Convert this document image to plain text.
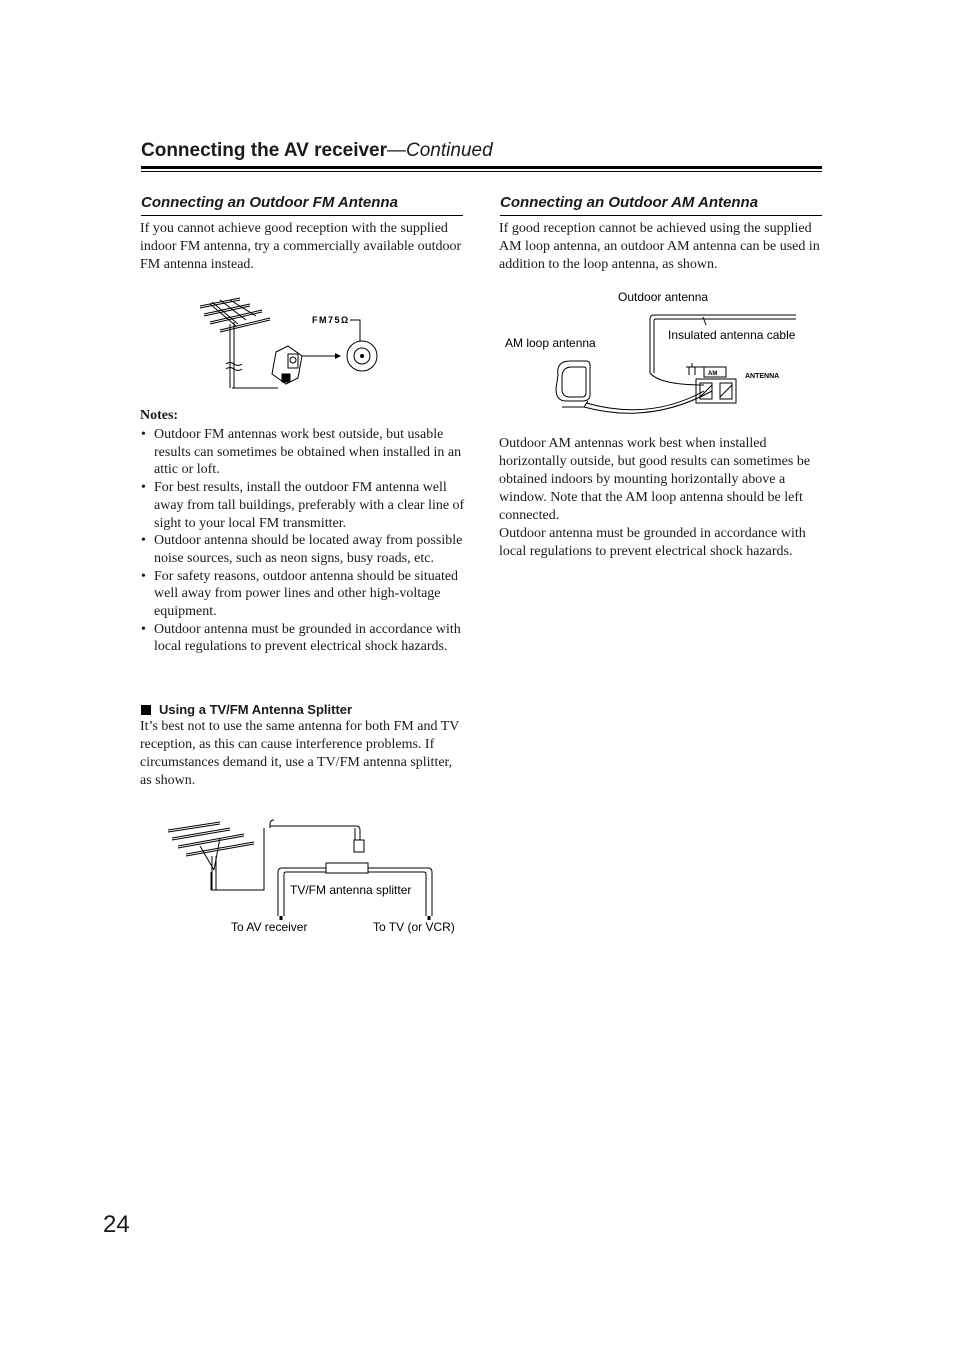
Connecting the AV receiver—Continued
Connecting an Outdoor FM Antenna
If you cannot achieve good reception with the supplied indoor FM antenna, try a commercially available outdoor FM antenna instead.
FM75Ω
Notes:
• Outdoor FM antennas work best outside, but usable results can sometimes be obtained when installed in an attic or loft.
• For best results, install the outdoor FM antenna well away from tall buildings, preferably with a clear line of sight to your local FM transmitter.
• Outdoor antenna should be located away from possible noise sources, such as neon signs, busy roads, etc.
• For safety reasons, outdoor antenna should be situated well away from power lines and other high-voltage equipment.
• Outdoor antenna must be grounded in accordance with local regulations to prevent electrical shock hazards.
Using a TV/FM Antenna Splitter
It’s best not to use the same antenna for both FM and TV reception, as this can cause interference problems. If circumstances demand it, use a TV/FM antenna splitter, as shown.
TV/FM antenna splitter
To AV receiver	To TV (or VCR)
Connecting an Outdoor AM Antenna
If good reception cannot be achieved using the supplied AM loop antenna, an outdoor AM antenna can be used in addition to the loop antenna, as shown.
Outdoor antenna
Insulated antenna cable
AM loop antenna
AM	ANTENNA
Outdoor AM antennas work best when installed horizontally outside, but good results can sometimes be obtained indoors by mounting horizontally above a window. Note that the AM loop antenna should be left connected.
Outdoor antenna must be grounded in accordance with local regulations to prevent electrical shock hazards.
24
